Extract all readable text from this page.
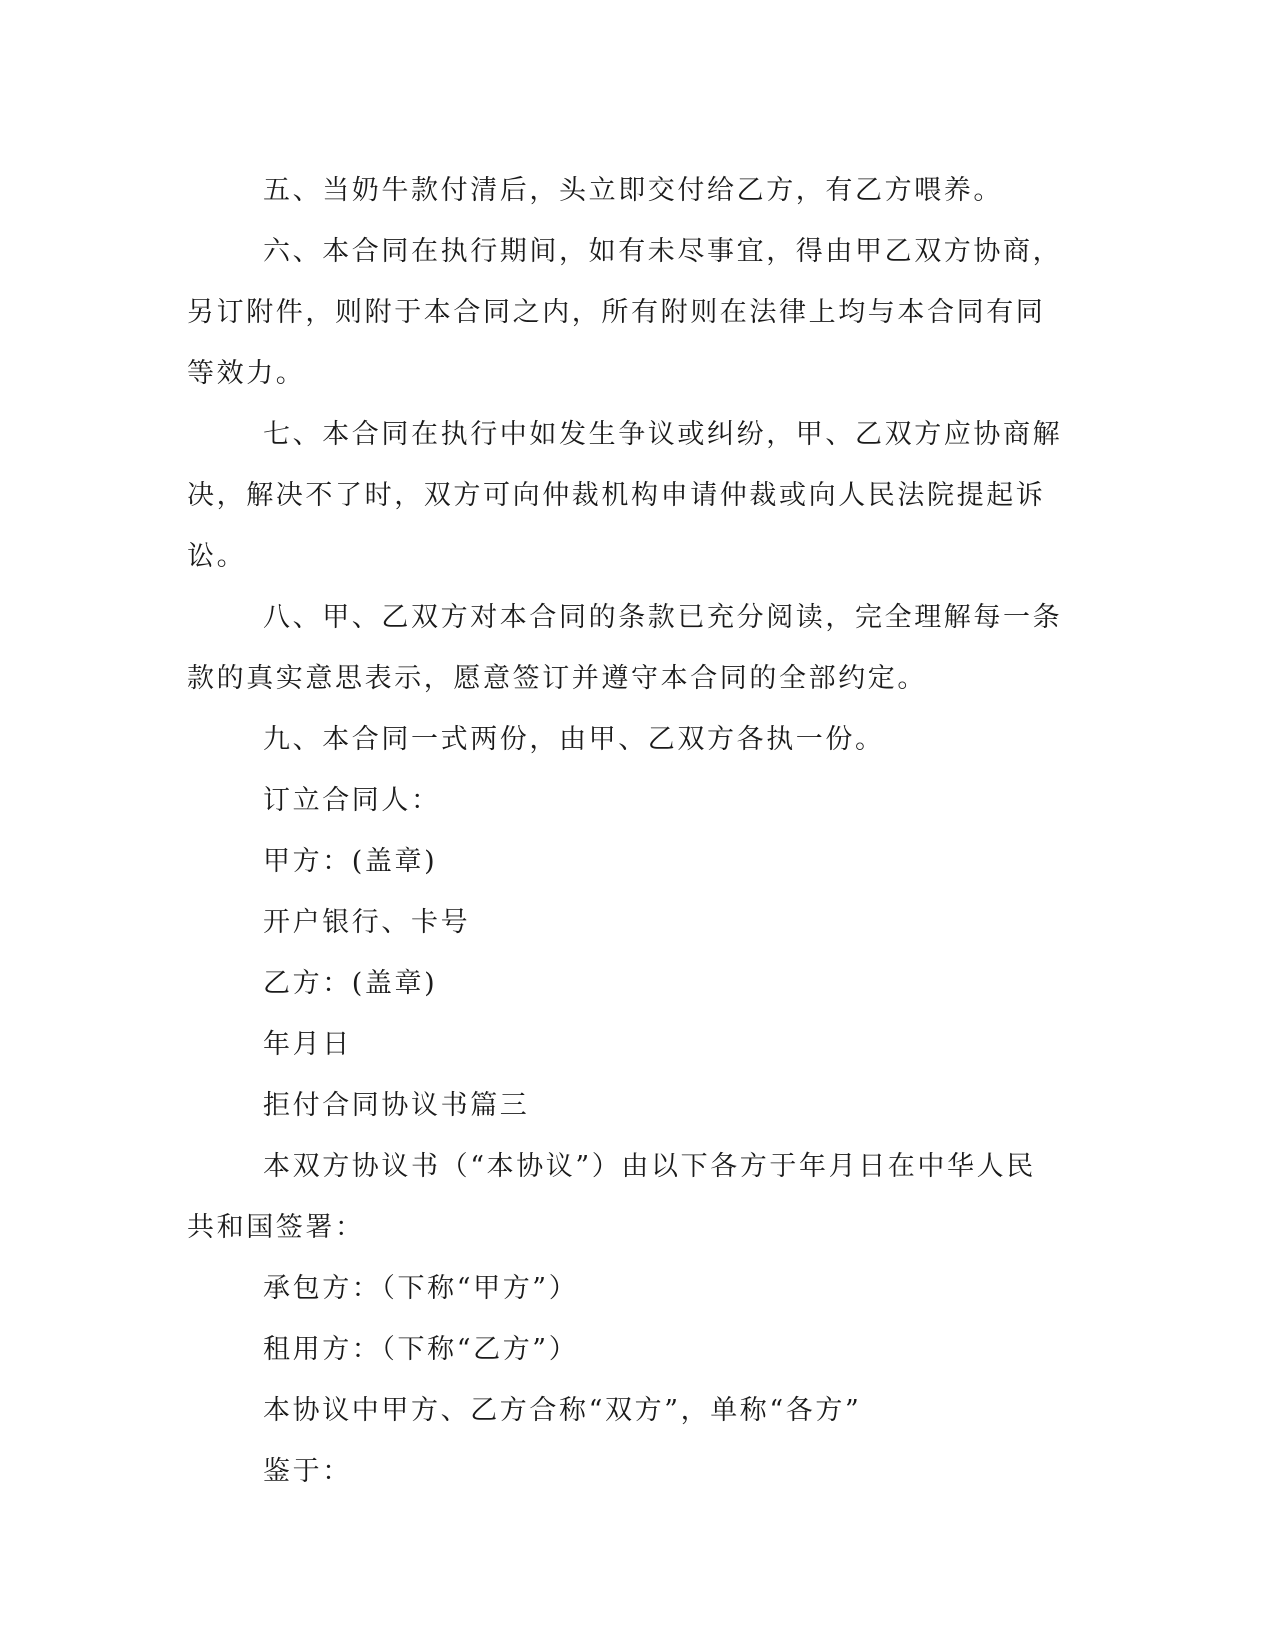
五、当奶牛款付清后，头立即交付给乙方，有乙方喂养。

六、本合同在执行期间，如有未尽事宜，得由甲乙双方协商，另订附件，则附于本合同之内，所有附则在法律上均与本合同有同等效力。

七、本合同在执行中如发生争议或纠纷，甲、乙双方应协商解决，解决不了时，双方可向仲裁机构申请仲裁或向人民法院提起诉讼。

八、甲、乙双方对本合同的条款已充分阅读，完全理解每一条款的真实意思表示，愿意签订并遵守本合同的全部约定。

九、本合同一式两份，由甲、乙双方各执一份。

订立合同人：

甲方：(盖章)

开户银行、卡号

乙方：(盖章)

年月日

拒付合同协议书篇三

本双方协议书（“本协议”）由以下各方于年月日在中华人民共和国签署：

承包方：（下称“甲方”）

租用方：（下称“乙方”）

本协议中甲方、乙方合称“双方”，单称“各方”

鉴于：
